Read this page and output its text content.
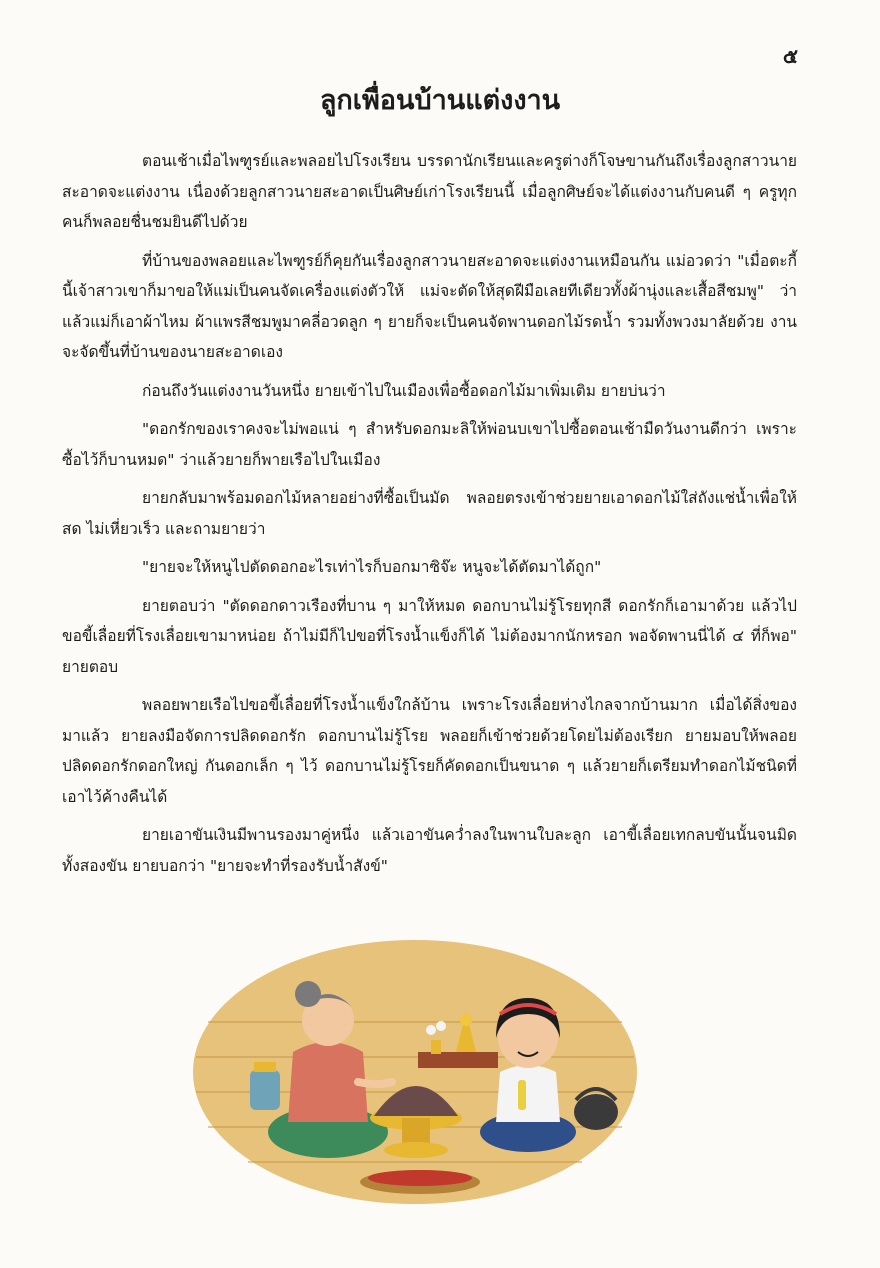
๕
ลูกเพื่อนบ้านแต่งงาน

ตอนเช้าเมื่อไพฑูรย์และพลอยไปโรงเรียน บรรดานักเรียนและครูต่างก็โจษขานกันถึงเรื่องลูกสาวนายสะอาดจะแต่งงาน เนื่องด้วยลูกสาวนายสะอาดเป็นศิษย์เก่าโรงเรียนนี้ เมื่อลูกศิษย์จะได้แต่งงานกับคนดี ๆ ครูทุกคนก็พลอยชื่นชมยินดีไปด้วย

ที่บ้านของพลอยและไพฑูรย์ก็คุยกันเรื่องลูกสาวนายสะอาดจะแต่งงานเหมือนกัน แม่อวดว่า "เมื่อตะกี้นี้เจ้าสาวเขาก็มาขอให้แม่เป็นคนจัดเครื่องแต่งตัวให้ แม่จะตัดให้สุดฝีมือเลยทีเดียวทั้งผ้านุ่งและเสื้อสีชมพู" ว่าแล้วแม่ก็เอาผ้าไหม ผ้าแพรสีชมพูมาคลี่อวดลูก ๆ ยายก็จะเป็นคนจัดพานดอกไม้รดน้ำ รวมทั้งพวงมาลัยด้วย งานจะจัดขึ้นที่บ้านของนายสะอาดเอง

ก่อนถึงวันแต่งงานวันหนึ่ง ยายเข้าไปในเมืองเพื่อซื้อดอกไม้มาเพิ่มเติม ยายบ่นว่า

"ดอกรักของเราคงจะไม่พอแน่ ๆ สำหรับดอกมะลิให้พ่อนบเขาไปซื้อตอนเช้ามืดวันงานดีกว่า เพราะซื้อไว้ก็บานหมด" ว่าแล้วยายก็พายเรือไปในเมือง

ยายกลับมาพร้อมดอกไม้หลายอย่างที่ซื้อเป็นมัด พลอยตรงเข้าช่วยยายเอาดอกไม้ใส่ถังแช่น้ำเพื่อให้สด ไม่เหี่ยวเร็ว และถามยายว่า

"ยายจะให้หนูไปตัดดอกอะไรเท่าไรก็บอกมาซิจ๊ะ หนูจะได้ตัดมาได้ถูก"

ยายตอบว่า "ตัดดอกดาวเรืองที่บาน ๆ มาให้หมด ดอกบานไม่รู้โรยทุกสี ดอกรักก็เอามาด้วย แล้วไปขอขี้เลื่อยที่โรงเลื่อยเขามาหน่อย ถ้าไม่มีก็ไปขอที่โรงน้ำแข็งก็ได้ ไม่ต้องมากนักหรอก พอจัดพานนี่ได้ ๔ ที่ก็พอ" ยายตอบ

พลอยพายเรือไปขอขี้เลื่อยที่โรงน้ำแข็งใกล้บ้าน เพราะโรงเลื่อยห่างไกลจากบ้านมาก เมื่อได้สิ่งของมาแล้ว ยายลงมือจัดการปลิดดอกรัก ดอกบานไม่รู้โรย พลอยก็เข้าช่วยด้วยโดยไม่ต้องเรียก ยายมอบให้พลอยปลิดดอกรักดอกใหญ่ กันดอกเล็ก ๆ ไว้ ดอกบานไม่รู้โรยก็คัดดอกเป็นขนาด ๆ แล้วยายก็เตรียมทำดอกไม้ชนิดที่เอาไว้ค้างคืนได้

ยายเอาขันเงินมีพานรองมาคู่หนึ่ง แล้วเอาขันคว่ำลงในพานใบละลูก เอาขี้เลื่อยเทกลบขันนั้นจนมิดทั้งสองขัน ยายบอกว่า "ยายจะทำที่รองรับน้ำสังข์"
